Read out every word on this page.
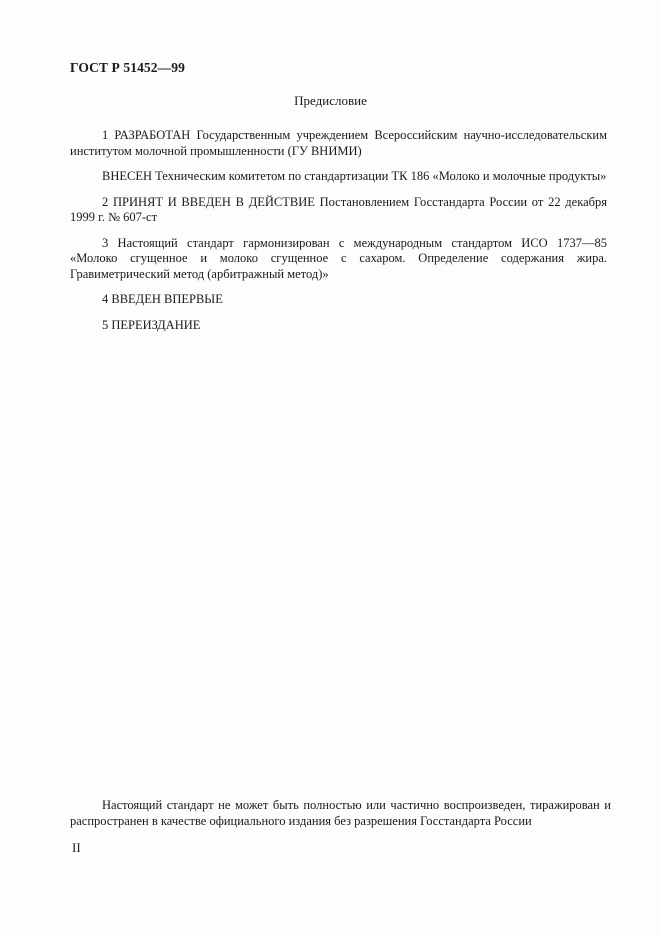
ГОСТ Р 51452—99
Предисловие

1 РАЗРАБОТАН Государственным учреждением Всероссийским научно-исследовательским институтом молочной промышленности (ГУ ВНИМИ)

ВНЕСЕН Техническим комитетом по стандартизации ТК 186 «Молоко и молочные продукты»

2 ПРИНЯТ И ВВЕДЕН В ДЕЙСТВИЕ Постановлением Госстандарта России от 22 декабря 1999 г. № 607-ст

3 Настоящий стандарт гармонизирован с международным стандартом ИСО 1737—85 «Молоко сгущенное и молоко сгущенное с сахаром. Определение содержания жира. Гравиметрический метод (арбитражный метод)»

4 ВВЕДЕН ВПЕРВЫЕ

5 ПЕРЕИЗДАНИЕ

Настоящий стандарт не может быть полностью или частично воспроизведен, тиражирован и распространен в качестве официального издания без разрешения Госстандарта России
II
